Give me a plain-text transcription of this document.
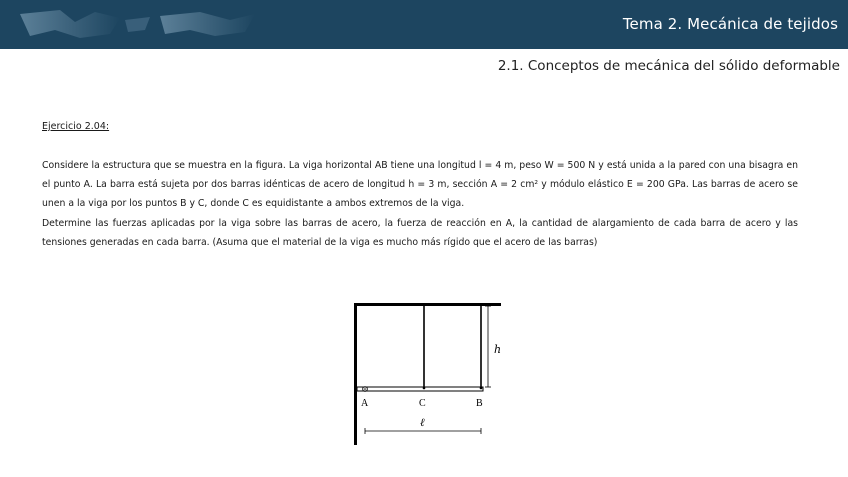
Tema 2. Mecánica de tejidos
2.1. Conceptos de mecánica del sólido deformable
Ejercicio 2.04:
Considere la estructura que se muestra en la figura. La viga horizontal AB tiene una longitud l = 4 m, peso W = 500 N y está unida a la pared con una bisagra en el punto A. La barra está sujeta por dos barras idénticas de acero de longitud h = 3 m, sección A = 2 cm² y módulo elástico E = 200 GPa. Las barras de acero se unen a la viga por los puntos B y C, donde C es equidistante a ambos extremos de la viga.
Determine las fuerzas aplicadas por la viga sobre las barras de acero, la fuerza de reacción en A, la cantidad de alargamiento de cada barra de acero y las tensiones generadas en cada barra. (Asuma que el material de la viga es mucho más rígido que el acero de las barras)
h
A	C	B
ℓ
